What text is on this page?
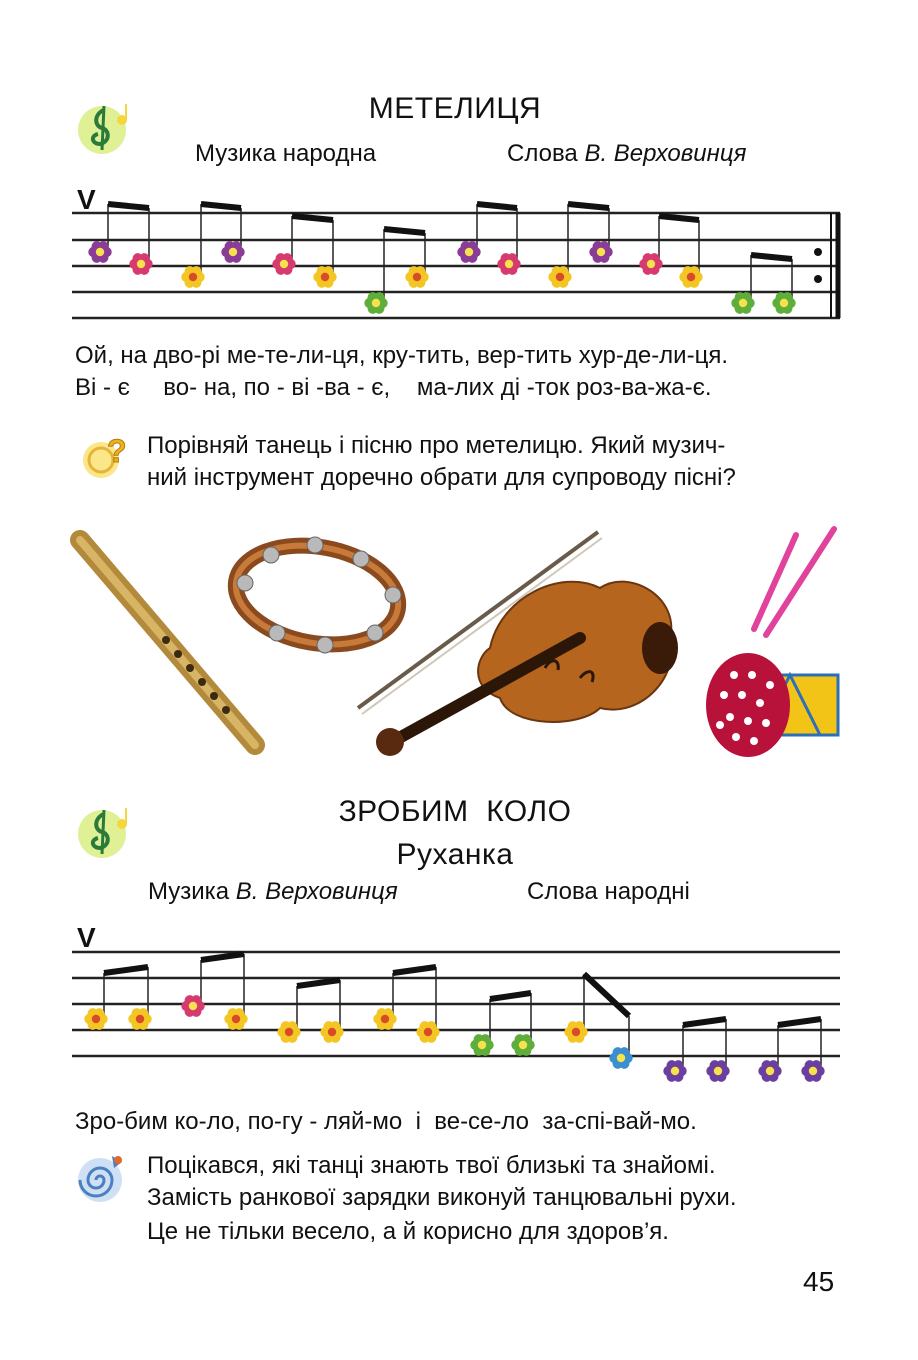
МЕТЕЛИЦЯ
Музика народна	Слова В. Верховинця
V
Ой, на дво-рі ме-те-ли-ця, кру-тить, вер-тить хур-де-ли-ця.
Ві - є     во- на, по - ві -ва - є,    ма-лих ді -ток роз-ва-жа-є.
? Порівняй танець і пісню про метелицю. Який музич-
ний інструмент доречно обрати для супроводу пісні?
ЗРОБИМ  КОЛО
Руханка
Музика В. Верховинця	Слова народні
V
Зро-бим ко-ло, по-гу - ляй-мо  і  ве-се-ло  за-спі-вай-мо.
Поцікався, які танці знають твої близькі та знайомі.
Замість ранкової зарядки виконуй танцювальні рухи.
Це не тільки весело, а й корисно для здоров’я.
45
